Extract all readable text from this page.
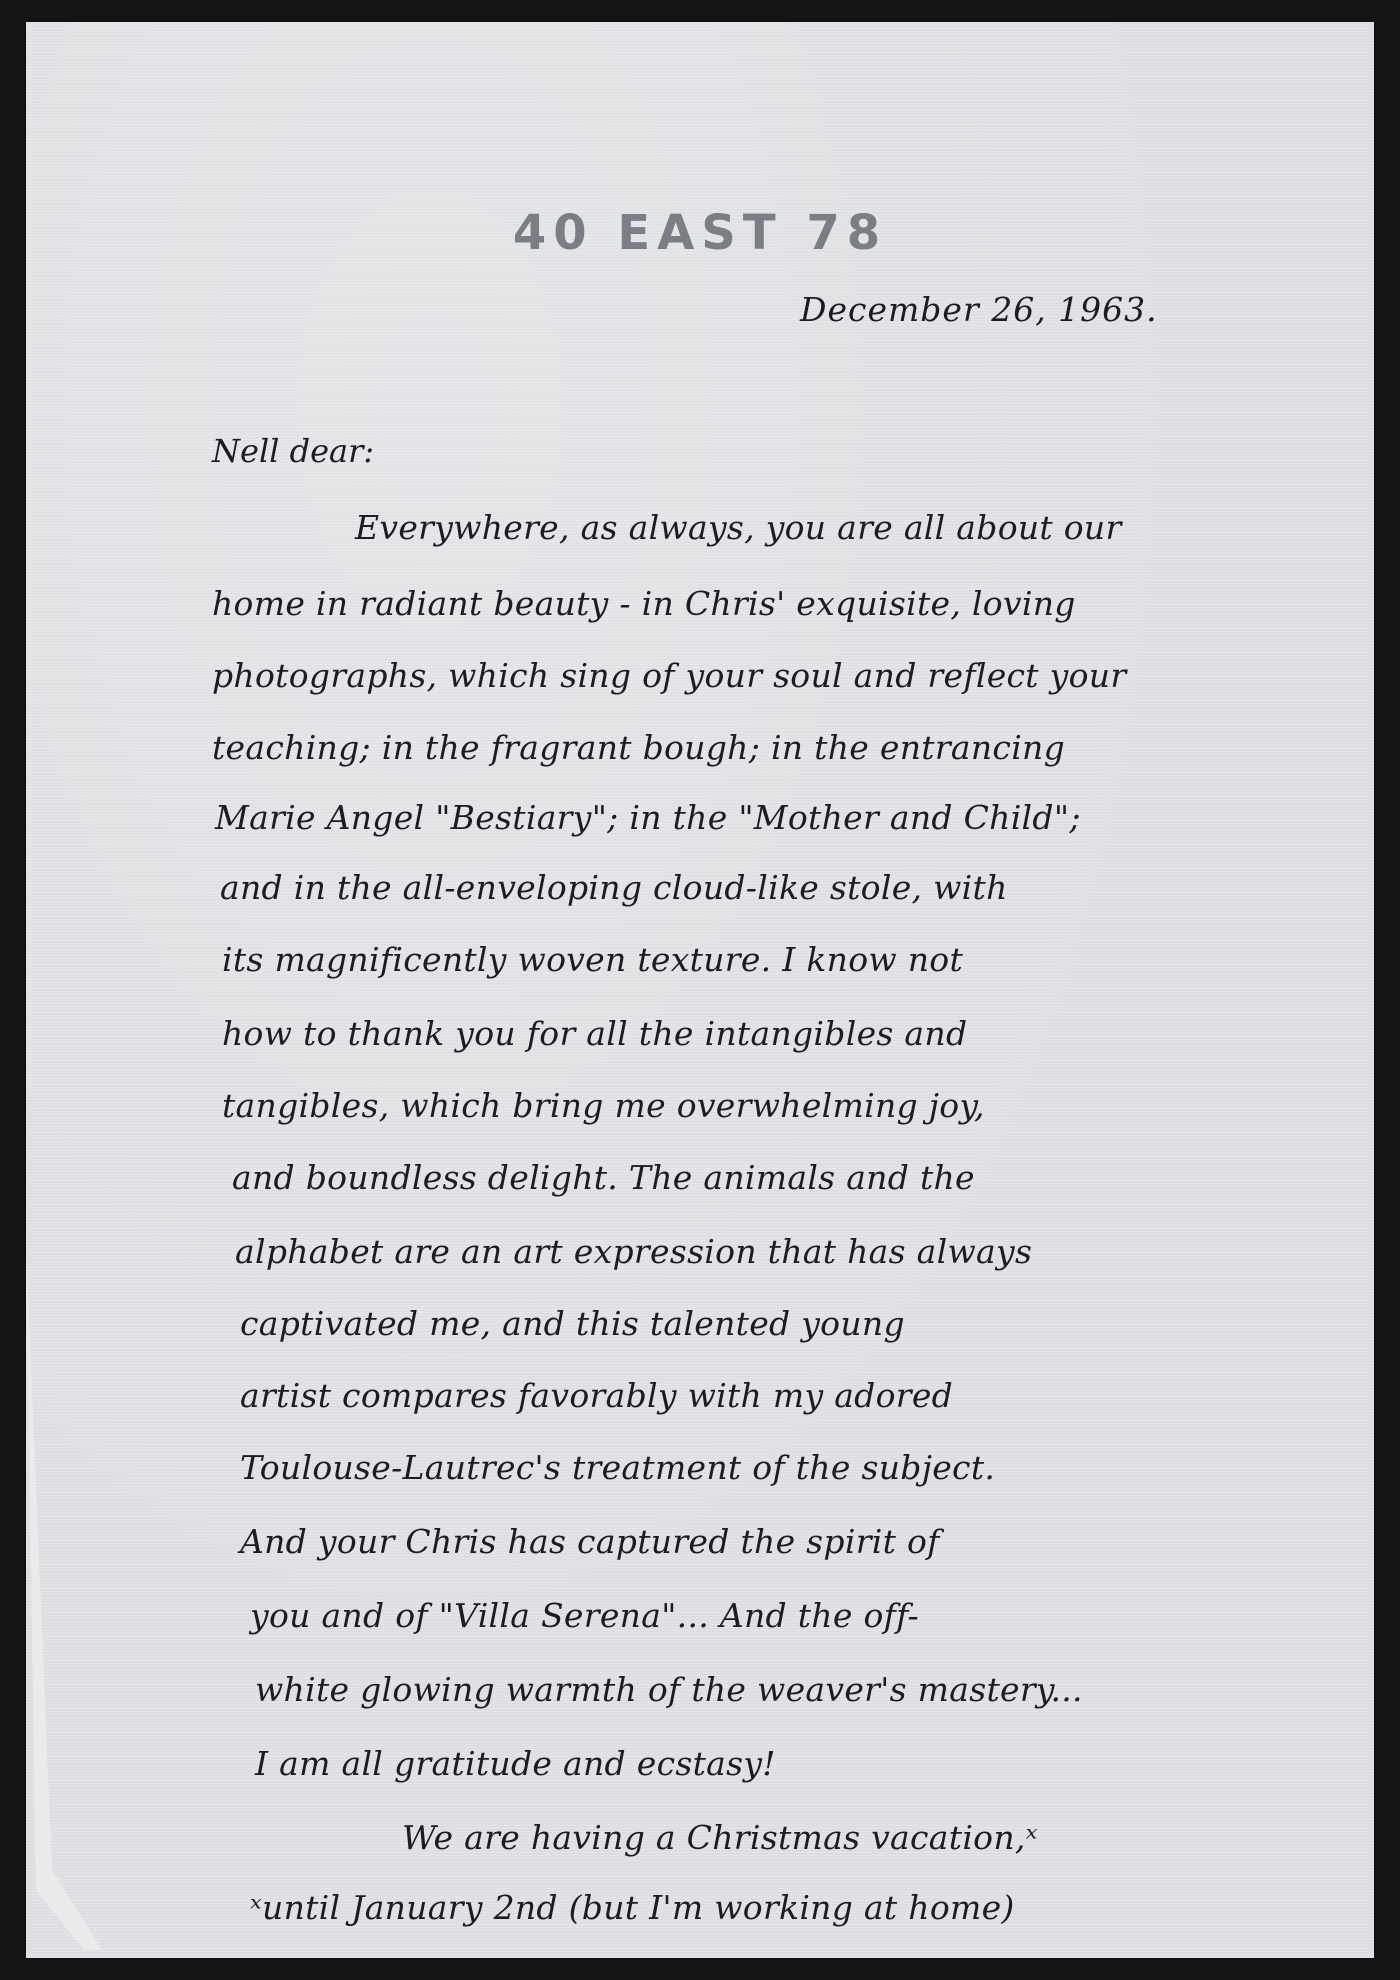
40 EAST 78
December 26, 1963.
Nell dear:
Everywhere, as always, you are all about our
home in radiant beauty - in Chris' exquisite, loving
photographs, which sing of your soul and reflect your
teaching; in the fragrant bough; in the entrancing
Marie Angel "Bestiary"; in the "Mother and Child";
and in the all-enveloping cloud-like stole, with
its magnificently woven texture. I know not
how to thank you for all the intangibles and
tangibles, which bring me overwhelming joy,
and boundless delight. The animals and the
alphabet are an art expression that has always
captivated me, and this talented young
artist compares favorably with my adored
Toulouse-Lautrec's treatment of the subject.
And your Chris has captured the spirit of
you and of "Villa Serena"... And the off-
white glowing warmth of the weaver's mastery...
I am all gratitude and ecstasy!
We are having a Christmas vacation,ˣ
ˣuntil January 2nd (but I'm working at home)
